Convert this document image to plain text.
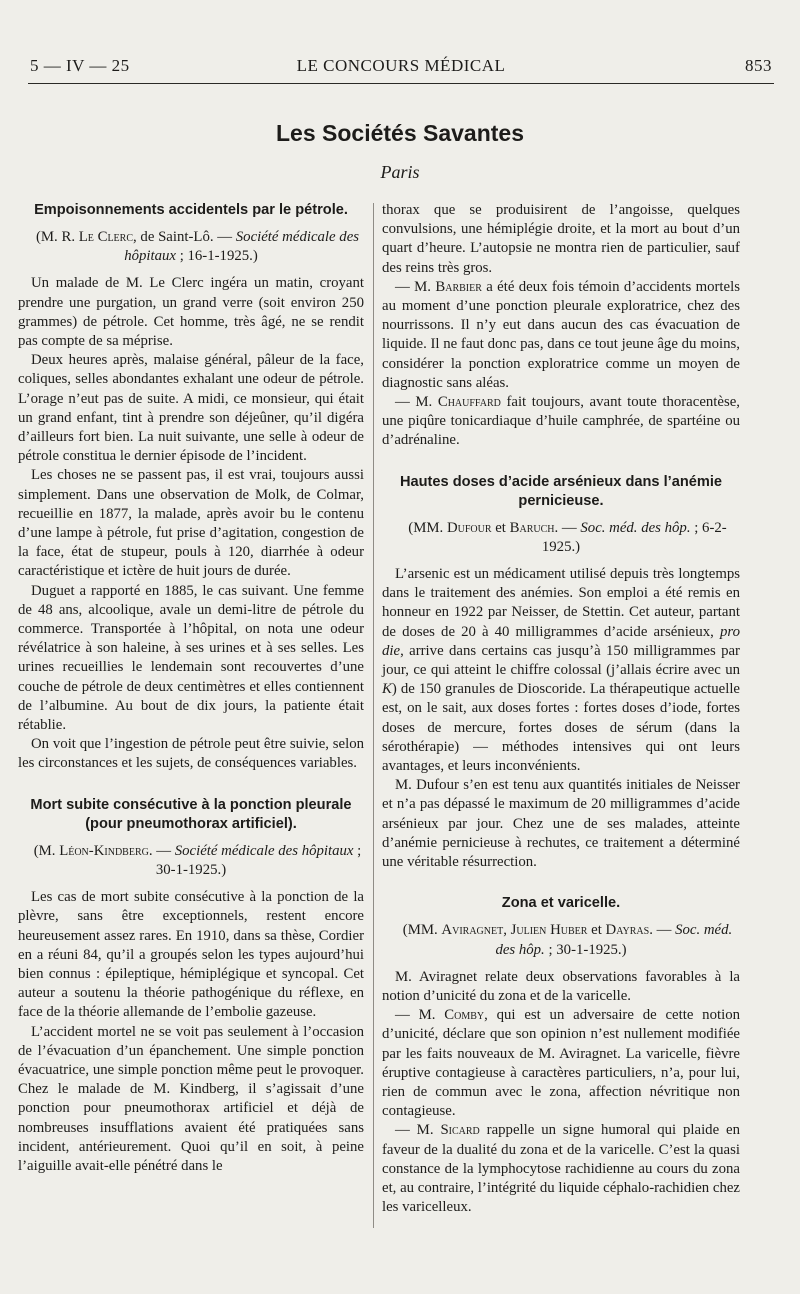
5 — IV — 25	LE CONCOURS MÉDICAL	853
Les Sociétés Savantes
Paris
Empoisonnements accidentels par le pétrole.

(M. R. Le Clerc, de Saint-Lô. — Société médicale des hôpitaux ; 16-1-1925.)

Un malade de M. Le Clerc ingéra un matin, croyant prendre une purgation, un grand verre (soit environ 250 grammes) de pétrole. Cet homme, très âgé, ne se rendit pas compte de sa méprise.

Deux heures après, malaise général, pâleur de la face, coliques, selles abondantes exhalant une odeur de pétrole. L’orage n’eut pas de suite. A midi, ce monsieur, qui était un grand enfant, tint à prendre son déjeûner, qu’il digéra d’ailleurs fort bien. La nuit suivante, une selle à odeur de pétrole constitua le dernier épisode de l’incident.

Les choses ne se passent pas, il est vrai, toujours aussi simplement. Dans une observation de Molk, de Colmar, recueillie en 1877, la malade, après avoir bu le contenu d’une lampe à pétrole, fut prise d’agitation, congestion de la face, état de stupeur, pouls à 120, diarrhée à odeur caractéristique et ictère de huit jours de durée.

Duguet a rapporté en 1885, le cas suivant. Une femme de 48 ans, alcoolique, avale un demi-litre de pétrole du commerce. Transportée à l’hôpital, on nota une odeur révélatrice à son haleine, à ses urines et à ses selles. Les urines recueillies le lendemain sont recouvertes d’une couche de pétrole de deux centimètres et elles contiennent de l’albumine. Au bout de dix jours, la patiente était rétablie.

On voit que l’ingestion de pétrole peut être suivie, selon les circonstances et les sujets, de conséquences variables.

Mort subite consécutive à la ponction pleurale (pour pneumothorax artificiel).

(M. Léon-Kindberg. — Société médicale des hôpitaux ; 30-1-1925.)

Les cas de mort subite consécutive à la ponction de la plèvre, sans être exceptionnels, restent encore heureusement assez rares. En 1910, dans sa thèse, Cordier en a réuni 84, qu’il a groupés selon les types aujourd’hui bien connus : épileptique, hémiplégique et syncopal. Cet auteur a soutenu la théorie pathogénique du réflexe, en face de la théorie allemande de l’embolie gazeuse.

L’accident mortel ne se voit pas seulement à l’occasion de l’évacuation d’un épanchement. Une simple ponction évacuatrice, une simple ponction même peut le provoquer. Chez le malade de M. Kindberg, il s’agissait d’une ponction pour pneumothorax artificiel et déjà de nombreuses insufflations avaient été pratiquées sans incident, antérieurement. Quoi qu’il en soit, à peine l’aiguille avait-elle pénétré dans le

thorax que se produisirent de l’angoisse, quelques convulsions, une hémiplégie droite, et la mort au bout d’un quart d’heure. L’autopsie ne montra rien de particulier, sauf des reins très gros.

— M. Barbier a été deux fois témoin d’accidents mortels au moment d’une ponction pleurale exploratrice, chez des nourrissons. Il n’y eut dans aucun des cas évacuation de liquide. Il ne faut donc pas, dans ce tout jeune âge du moins, considérer la ponction exploratrice comme un moyen de diagnostic sans aléas.

— M. Chauffard fait toujours, avant toute thoracentèse, une piqûre tonicardiaque d’huile camphrée, de spartéine ou d’adrénaline.

Hautes doses d’acide arsénieux dans l’anémie pernicieuse.

(MM. Dufour et Baruch. — Soc. méd. des hôp. ; 6-2-1925.)

L’arsenic est un médicament utilisé depuis très longtemps dans le traitement des anémies. Son emploi a été remis en honneur en 1922 par Neisser, de Stettin. Cet auteur, partant de doses de 20 à 40 milligrammes d’acide arsénieux, pro die, arrive dans certains cas jusqu’à 150 milligrammes par jour, ce qui atteint le chiffre colossal (j’allais écrire avec un K) de 150 granules de Dioscoride. La thérapeutique actuelle est, on le sait, aux doses fortes : fortes doses d’iode, fortes doses de mercure, fortes doses de sérum (dans la sérothérapie) — méthodes intensives qui ont leurs avantages, et leurs inconvénients.

M. Dufour s’en est tenu aux quantités initiales de Neisser et n’a pas dépassé le maximum de 20 milligrammes d’acide arsénieux par jour. Chez une de ses malades, atteinte d’anémie pernicieuse à rechutes, ce traitement a déterminé une véritable résurrection.

Zona et varicelle.

(MM. Aviragnet, Julien Huber et Dayras. — Soc. méd. des hôp. ; 30-1-1925.)

M. Aviragnet relate deux observations favorables à la notion d’unicité du zona et de la varicelle.

— M. Comby, qui est un adversaire de cette notion d’unicité, déclare que son opinion n’est nullement modifiée par les faits nouveaux de M. Aviragnet. La varicelle, fièvre éruptive contagieuse à caractères particuliers, n’a, pour lui, rien de commun avec le zona, affection névritique non contagieuse.

— M. Sicard rappelle un signe humoral qui plaide en faveur de la dualité du zona et de la varicelle. C’est la quasi constance de la lymphocytose rachidienne au cours du zona et, au contraire, l’intégrité du liquide céphalo-rachidien chez les varicelleux.
